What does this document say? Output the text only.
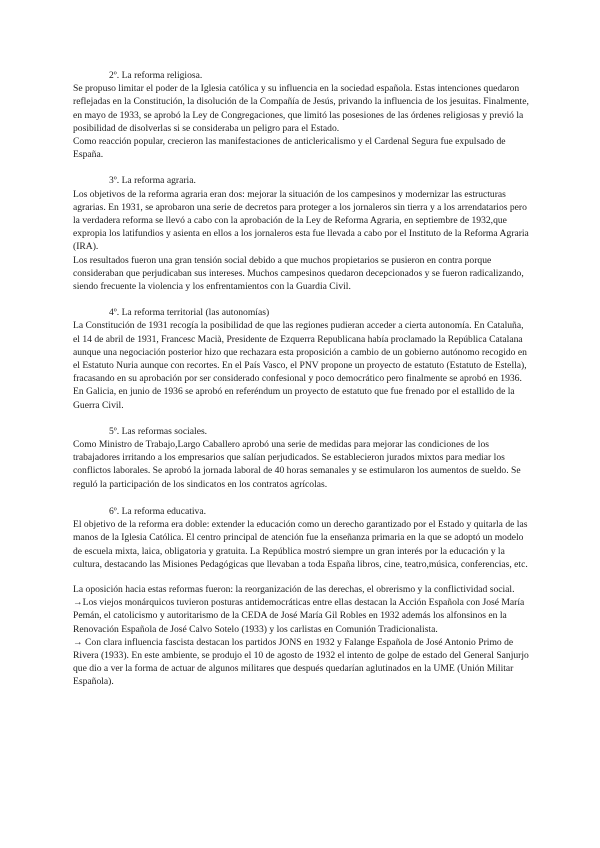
2º. La reforma religiosa.

Se propuso limitar el poder de la Iglesia católica y su influencia en la sociedad española. Estas intenciones quedaron reflejadas en la Constitución, la disolución de la Compañía de Jesús, privando la influencia de los jesuitas. Finalmente, en mayo de 1933, se aprobó la Ley de Congregaciones, que limitó las posesiones de las órdenes religiosas y previó la posibilidad de disolverlas si se consideraba un peligro para el Estado.

Como reacción popular, crecieron las manifestaciones de anticlericalismo y el Cardenal Segura fue expulsado de España.

3º. La reforma agraria.

Los objetivos de la reforma agraria eran dos: mejorar la situación de los campesinos y modernizar las estructuras agrarias. En 1931, se aprobaron una serie de decretos para proteger a los jornaleros sin tierra y a los arrendatarios pero la verdadera reforma se llevó a cabo con la aprobación de la Ley de Reforma Agraria, en septiembre de 1932,que expropia los latifundios y asienta en ellos a los jornaleros esta fue llevada a cabo por el Instituto de la Reforma Agraria (IRA).

Los resultados fueron una gran tensión social debido a que muchos propietarios se pusieron en contra porque consideraban que perjudicaban sus intereses. Muchos campesinos quedaron decepcionados y se fueron radicalizando, siendo frecuente la violencia y los enfrentamientos con la Guardia Civil.

4º. La reforma territorial (las autonomías)

La Constitución de 1931 recogía la posibilidad de que las regiones pudieran acceder a cierta autonomía. En Cataluña, el 14 de abril de 1931, Francesc Macià, Presidente de Ezquerra Republicana había proclamado la República Catalana aunque una negociación posterior hizo que rechazara esta proposición a cambio de un gobierno autónomo recogido en el Estatuto Nuria aunque con recortes. En el País Vasco, el PNV propone un proyecto de estatuto (Estatuto de Estella), fracasando en su aprobación por ser considerado confesional y poco democrático pero finalmente se aprobó en 1936. En Galicia, en junio de 1936 se aprobó en referéndum un proyecto de estatuto que fue frenado por el estallido de la Guerra Civil.

5º. Las reformas sociales.

Como Ministro de Trabajo,Largo Caballero aprobó una serie de medidas para mejorar las condiciones de los trabajadores irritando a los empresarios que salían perjudicados. Se establecieron jurados mixtos para mediar los conflictos laborales. Se aprobó la jornada laboral de 40 horas semanales y se estimularon los aumentos de sueldo. Se reguló la participación de los sindicatos en los contratos agrícolas.

6º. La reforma educativa.

El objetivo de la reforma era doble: extender la educación como un derecho garantizado por el Estado y quitarla de las manos de la Iglesia Católica. El centro principal de atención fue la enseñanza primaria en la que se adoptó un modelo de escuela mixta, laica, obligatoria y gratuita. La República mostró siempre un gran interés por la educación y la cultura, destacando las Misiones Pedagógicas que llevaban a toda España libros, cine, teatro,música, conferencias, etc.

La oposición hacia estas reformas fueron: la reorganización de las derechas, el obrerismo y la conflictividad social.

→Los viejos monárquicos tuvieron posturas antidemocráticas entre ellas destacan la Acción Española con José María Pemán, el catolicismo y autoritarismo de la CEDA de José María Gil Robles en 1932 además los alfonsinos en la Renovación Española de José Calvo Sotelo (1933) y los carlistas en Comunión Tradicionalista.

→ Con clara influencia fascista destacan los partidos JONS en 1932 y Falange Española de José Antonio Primo de Rivera (1933). En este ambiente, se produjo el 10 de agosto de 1932 el intento de golpe de estado del General Sanjurjo que dio a ver la forma de actuar de algunos militares que después quedarían aglutinados en la UME (Unión Militar Española).
